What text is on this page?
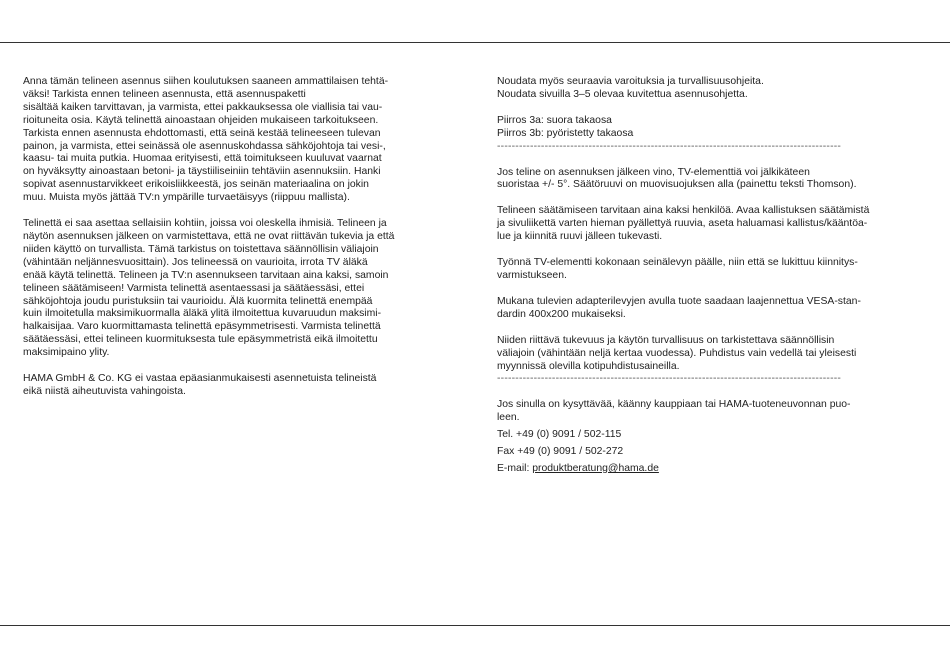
Anna tämän telineen asennus siihen koulutuksen saaneen ammattilaisen tehtä-
väksi! Tarkista ennen telineen asennusta, että asennuspaketti
sisältää kaiken tarvittavan, ja varmista, ettei pakkauksessa ole viallisia tai vau-
rioituneita osia. Käytä telinettä ainoastaan ohjeiden mukaiseen tarkoitukseen.
Tarkista ennen asennusta ehdottomasti, että seinä kestää telineeseen tulevan
painon, ja varmista, ettei seinässä ole asennuskohdassa sähköjohtoja tai vesi-,
kaasu- tai muita putkia. Huomaa erityisesti, että toimitukseen kuuluvat vaarnat
on hyväksytty ainoastaan betoni- ja täystiiliseiniin tehtäviin asennuksiin. Hanki
sopivat asennustarvikkeet erikoisliikkeestä, jos seinän materiaalina on jokin
muu. Muista myös jättää TV:n ympärille turvaetäisyys (riippuu mallista).
Telinettä ei saa asettaa sellaisiin kohtiin, joissa voi oleskella ihmisiä. Telineen ja
näytön asennuksen jälkeen on varmistettava, että ne ovat riittävän tukevia ja että
niiden käyttö on turvallista. Tämä tarkistus on toistettava säännöllisin väliajoin
(vähintään neljännesvuosittain). Jos telineessä on vaurioita, irrota TV äläkä
enää käytä telinettä. Telineen ja TV:n asennukseen tarvitaan aina kaksi, samoin
telineen säätämiseen! Varmista telinettä asentaessasi ja säätäessäsi, ettei
sähköjohtoja joudu puristuksiin tai vaurioidu. Älä kuormita telinettä enempää
kuin ilmoitetulla maksimikuormalla äläkä ylitä ilmoitettua kuvaruudun maksimi-
halkaisijaa. Varo kuormittamasta telinettä epäsymmetrisesti. Varmista telinettä
säätäessäsi, ettei telineen kuormituksesta tule epäsymmetristä eikä ilmoitettu
maksimipaino ylity.
HAMA GmbH & Co. KG ei vastaa epäasianmukaisesti asennetuista telineistä
eikä niistä aiheutuvista vahingoista.
Noudata myös seuraavia varoituksia ja turvallisuusohjeita.
Noudata sivuilla 3–5 olevaa kuvitettua asennusohjetta.
Piirros 3a: suora takaosa
Piirros 3b: pyöristetty takaosa
----------------------------------------------------------------------------------------------
Jos teline on asennuksen jälkeen vino, TV-elementtiä voi jälkikäteen
suoristaa +/- 5°. Säätöruuvi on muovisuojuksen alla (painettu teksti Thomson).
Telineen säätämiseen tarvitaan aina kaksi henkilöä. Avaa kallistuksen säätämistä
ja sivuliikettä varten hieman pyällettyä ruuvia, aseta haluamasi kallistus/kääntöa-
lue ja kiinnitä ruuvi jälleen tukevasti.
Työnnä TV-elementti kokonaan seinälevyn päälle, niin että se lukittuu kiinnitys-
varmistukseen.
Mukana tulevien adapterilevyjen avulla tuote saadaan laajennettua VESA-stan-
dardin 400x200 mukaiseksi.
Niiden riittävä tukevuus ja käytön turvallisuus on tarkistettava säännöllisin
väliajoin (vähintään neljä kertaa vuodessa). Puhdistus vain vedellä tai yleisesti
myynnissä olevilla kotipuhdistusaineilla.
----------------------------------------------------------------------------------------------
Jos sinulla on kysyttävää, käänny kauppiaan tai HAMA-tuoteneuvonnan puo-
leen.
Tel. +49 (0) 9091 / 502-115
Fax +49 (0) 9091 / 502-272
E-mail: produktberatung@hama.de
